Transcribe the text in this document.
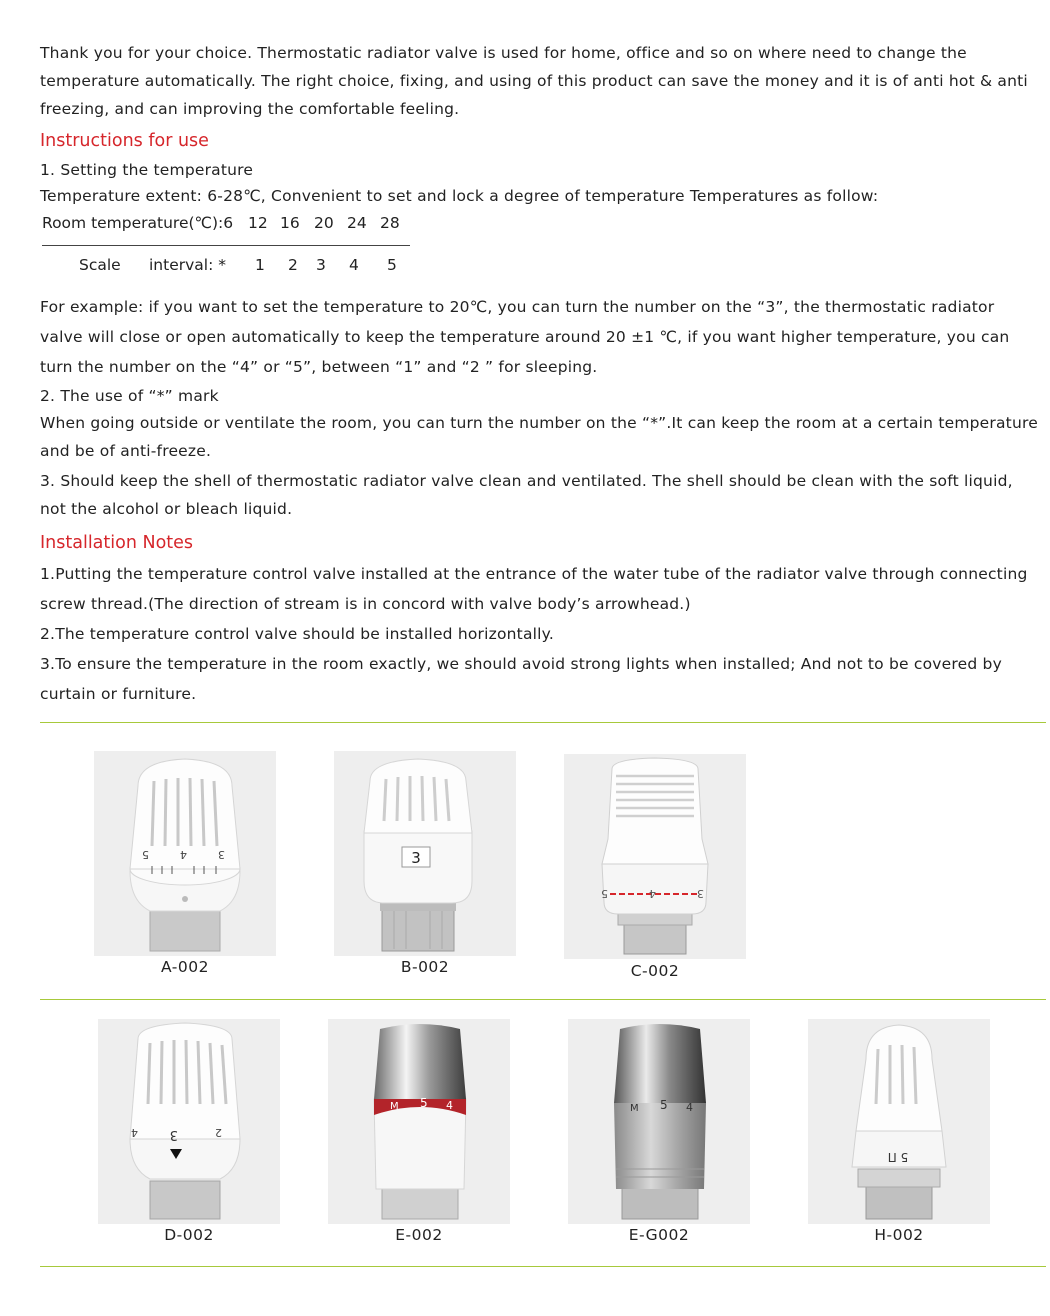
Thank you for your choice. Thermostatic radiator valve is used for home, office and so on where need to change the temperature automatically. The right choice, fixing, and using of this product can save the money and it is of anti hot & anti freezing, and can improving the comfortable feeling.
Instructions for use
1. Setting the temperature
Temperature extent: 6-28℃, Convenient to set and lock a degree of temperature Temperatures as follow:
Room temperature(℃):6 12 16 20 24 28
Scale interval: * 1 2 3 4 5
For example: if you want to set the temperature to 20℃, you can turn the number on the “3”, the thermostatic radiator valve will close or open automatically to keep the temperature around 20 ±1 ℃, if you want higher temperature, you can turn the number on the “4” or “5”, between “1” and “2 ” for sleeping.
2. The use of “*” mark
When going outside or ventilate the room, you can turn the number on the “*”.It can keep the room at a certain temperature and be of anti-freeze.
3. Should keep the shell of thermostatic radiator valve clean and ventilated. The shell should be clean with the soft liquid, not the alcohol or bleach liquid.
Installation Notes
1.Putting the temperature control valve installed at the entrance of the water tube of the radiator valve through connecting screw thread.(The direction of stream is in concord with valve body’s arrowhead.)
2.The temperature control valve should be installed horizontally.
3.To ensure the temperature in the room exactly, we should avoid strong lights when installed; And not to be covered by curtain or furniture.
5	4	3
A-002
3
B-002
5	4	3
C-002
4 3	2
D-002
M 5 4
E-002
M 5 4
E-G002
5 Π
H-002
